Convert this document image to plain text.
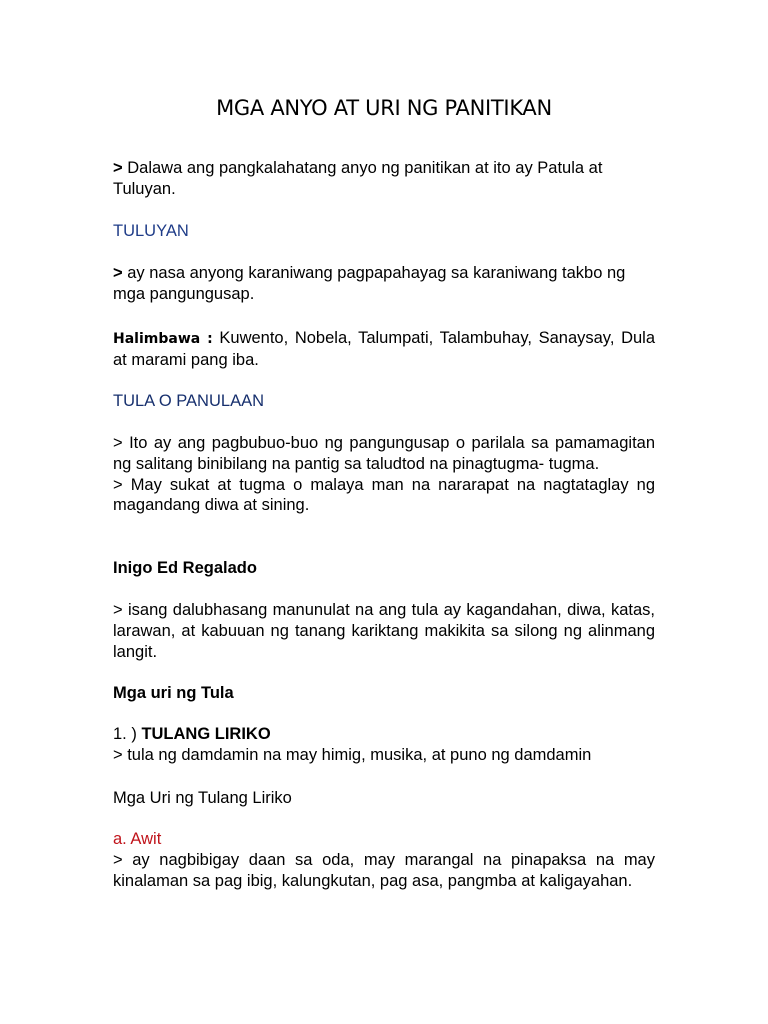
MGA ANYO AT URI NG PANITIKAN

> Dalawa ang pangkalahatang anyo ng panitikan at ito ay Patula at Tuluyan.

TULUYAN

> ay nasa anyong karaniwang pagpapahayag sa karaniwang takbo ng mga pangungusap.

Halimbawa : Kuwento, Nobela, Talumpati, Talambuhay, Sanaysay, Dula at marami pang iba.

TULA O PANULAAN

> Ito ay ang pagbubuo-buo ng pangungusap o parilala sa pamamagitan ng salitang binibilang na pantig sa taludtod na pinagtugma- tugma.
> May sukat at tugma o malaya man na nararapat na nagtataglay ng magandang diwa at sining.

Inigo Ed Regalado

> isang dalubhasang manunulat na ang tula ay kagandahan, diwa, katas, larawan, at kabuuan ng tanang kariktang makikita sa silong ng alinmang langit.

Mga uri ng Tula

1. ) TULANG LIRIKO
> tula ng damdamin na may himig, musika, at puno ng damdamin

Mga Uri ng Tulang Liriko

a. Awit
> ay nagbibigay daan sa oda, may marangal na pinapaksa na may kinalaman sa pag ibig, kalungkutan, pag asa, pangmba at kaligayahan.
